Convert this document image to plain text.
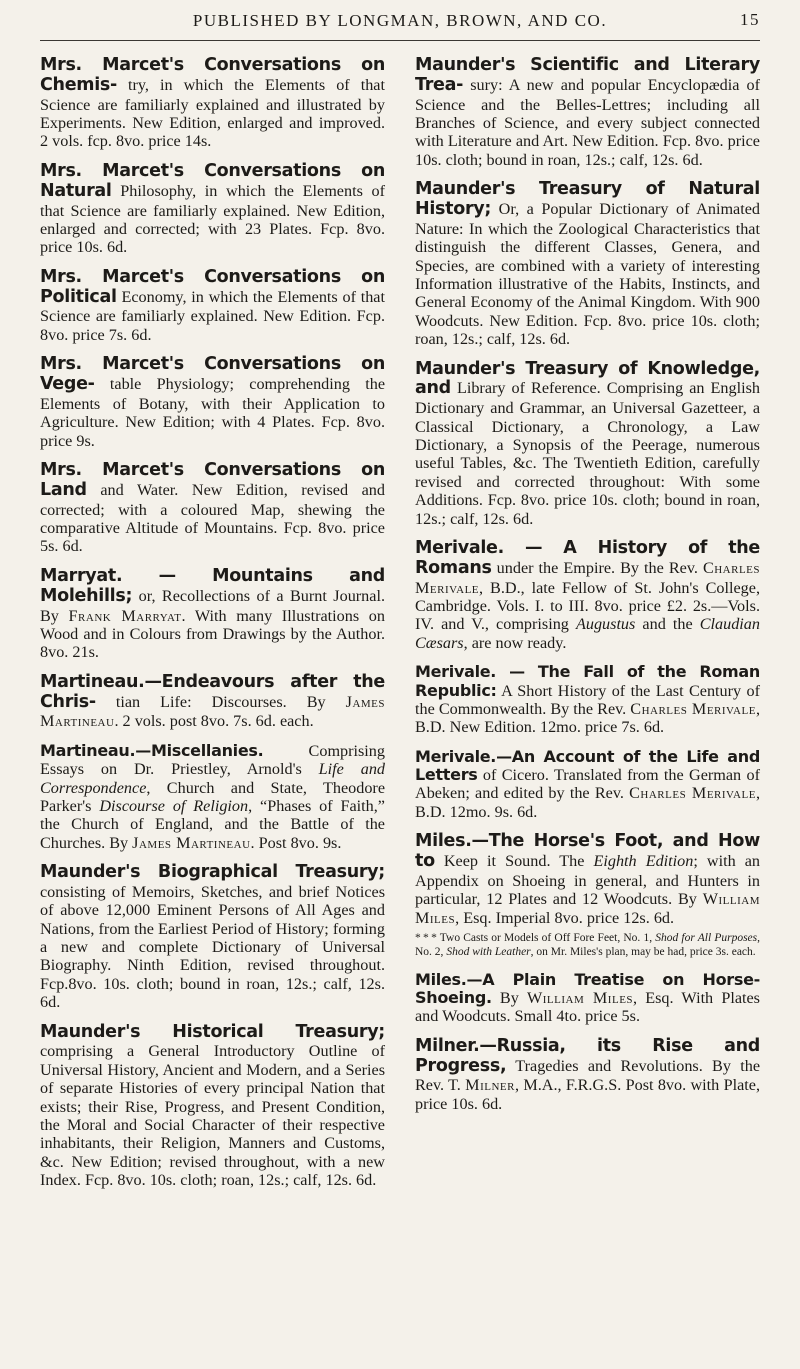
PUBLISHED BY LONGMAN, BROWN, AND CO.	15

Mrs. Marcet's Conversations on Chemis- try, in which the Elements of that Science are familiarly explained and illustrated by Experiments. New Edition, enlarged and improved. 2 vols. fcp. 8vo. price 14s.

Mrs. Marcet's Conversations on Natural Philosophy, in which the Elements of that Science are familiarly explained. New Edition, enlarged and corrected; with 23 Plates. Fcp. 8vo. price 10s. 6d.

Mrs. Marcet's Conversations on Political Economy, in which the Elements of that Science are familiarly explained. New Edition. Fcp. 8vo. price 7s. 6d.

Mrs. Marcet's Conversations on Vege- table Physiology; comprehending the Elements of Botany, with their Application to Agriculture. New Edition; with 4 Plates. Fcp. 8vo. price 9s.

Mrs. Marcet's Conversations on Land and Water. New Edition, revised and corrected; with a coloured Map, shewing the comparative Altitude of Mountains. Fcp. 8vo. price 5s. 6d.

Marryat. — Mountains and Molehills; or, Recollections of a Burnt Journal. By Frank Marryat. With many Illustrations on Wood and in Colours from Drawings by the Author. 8vo. 21s.

Martineau.—Endeavours after the Chris- tian Life: Discourses. By James Martineau. 2 vols. post 8vo. 7s. 6d. each.

Martineau.—Miscellanies. Comprising Essays on Dr. Priestley, Arnold's Life and Correspondence, Church and State, Theodore Parker's Discourse of Religion, “Phases of Faith,” the Church of England, and the Battle of the Churches. By James Martineau. Post 8vo. 9s.

Maunder's Biographical Treasury; consisting of Memoirs, Sketches, and brief Notices of above 12,000 Eminent Persons of All Ages and Nations, from the Earliest Period of History; forming a new and complete Dictionary of Universal Biography. Ninth Edition, revised throughout. Fcp.8vo. 10s. cloth; bound in roan, 12s.; calf, 12s. 6d.

Maunder's Historical Treasury; comprising a General Introductory Outline of Universal History, Ancient and Modern, and a Series of separate Histories of every principal Nation that exists; their Rise, Progress, and Present Condition, the Moral and Social Character of their respective inhabitants, their Religion, Manners and Customs, &c. New Edition; revised throughout, with a new Index. Fcp. 8vo. 10s. cloth; roan, 12s.; calf, 12s. 6d.

Maunder's Scientific and Literary Trea- sury: A new and popular Encyclopædia of Science and the Belles-Lettres; including all Branches of Science, and every subject connected with Literature and Art. New Edition. Fcp. 8vo. price 10s. cloth; bound in roan, 12s.; calf, 12s. 6d.

Maunder's Treasury of Natural History; Or, a Popular Dictionary of Animated Nature: In which the Zoological Characteristics that distinguish the different Classes, Genera, and Species, are combined with a variety of interesting Information illustrative of the Habits, Instincts, and General Economy of the Animal Kingdom. With 900 Woodcuts. New Edition. Fcp. 8vo. price 10s. cloth; roan, 12s.; calf, 12s. 6d.

Maunder's Treasury of Knowledge, and Library of Reference. Comprising an English Dictionary and Grammar, an Universal Gazetteer, a Classical Dictionary, a Chronology, a Law Dictionary, a Synopsis of the Peerage, numerous useful Tables, &c. The Twentieth Edition, carefully revised and corrected throughout: With some Additions. Fcp. 8vo. price 10s. cloth; bound in roan, 12s.; calf, 12s. 6d.

Merivale. — A History of the Romans under the Empire. By the Rev. Charles Merivale, B.D., late Fellow of St. John's College, Cambridge. Vols. I. to III. 8vo. price £2. 2s.—Vols. IV. and V., comprising Augustus and the Claudian Cæsars, are now ready.

Merivale. — The Fall of the Roman Republic: A Short History of the Last Century of the Commonwealth. By the Rev. Charles Merivale, B.D. New Edition. 12mo. price 7s. 6d.

Merivale.—An Account of the Life and Letters of Cicero. Translated from the German of Abeken; and edited by the Rev. Charles Merivale, B.D. 12mo. 9s. 6d.

Miles.—The Horse's Foot, and How to Keep it Sound. The Eighth Edition; with an Appendix on Shoeing in general, and Hunters in particular, 12 Plates and 12 Woodcuts. By William Miles, Esq. Imperial 8vo. price 12s. 6d.

* * * Two Casts or Models of Off Fore Feet, No. 1, Shod for All Purposes, No. 2, Shod with Leather, on Mr. Miles's plan, may be had, price 3s. each.

Miles.—A Plain Treatise on Horse-Shoeing. By William Miles, Esq. With Plates and Woodcuts. Small 4to. price 5s.

Milner.—Russia, its Rise and Progress, Tragedies and Revolutions. By the Rev. T. Milner, M.A., F.R.G.S. Post 8vo. with Plate, price 10s. 6d.
